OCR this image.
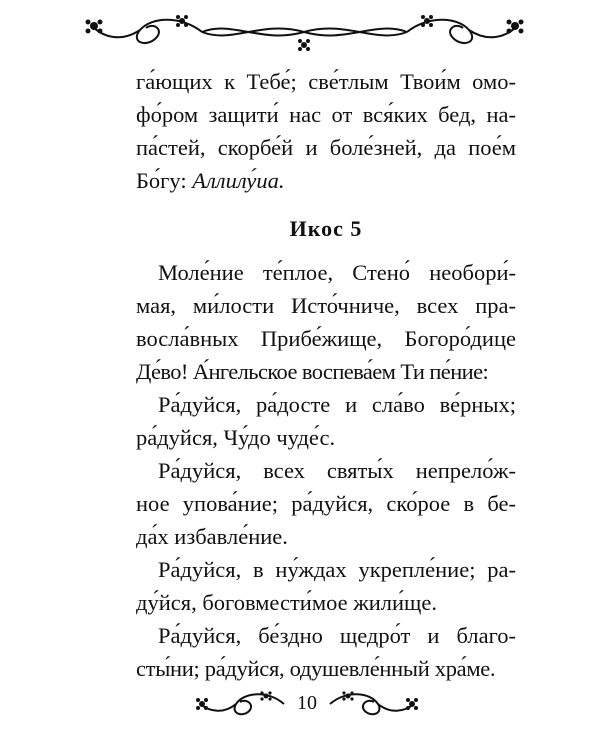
га́ющих к Тебе́; све́тлым Твои́м омо-
фо́ром защити́ нас от вся́ких бед, на-
па́стей, скорбе́й и боле́зней, да пое́м
Бо́гу: Аллилу́иа.
Икос 5
Моле́ние те́плое, Стено́ необори́-
мая, ми́лости Исто́чниче, всех пра-
восла́вных Прибе́жище, Богоро́дице
Де́во! А́нгельское воспева́ем Ти пе́ние:
Ра́дуйся, ра́досте и сла́во ве́рных;
ра́дуйся, Чу́до чуде́с.
Ра́дуйся, всех святы́х непрело́ж-
ное упова́ние; ра́дуйся, ско́рое в бе-
да́х избавле́ние.
Ра́дуйся, в ну́ждах укрепле́ние; ра-
ду́йся, боговмести́мое жили́ще.
Ра́дуйся, бе́здно щедро́т и благо-
сты́ни; ра́дуйся, одушевле́нный хра́ме.
10
